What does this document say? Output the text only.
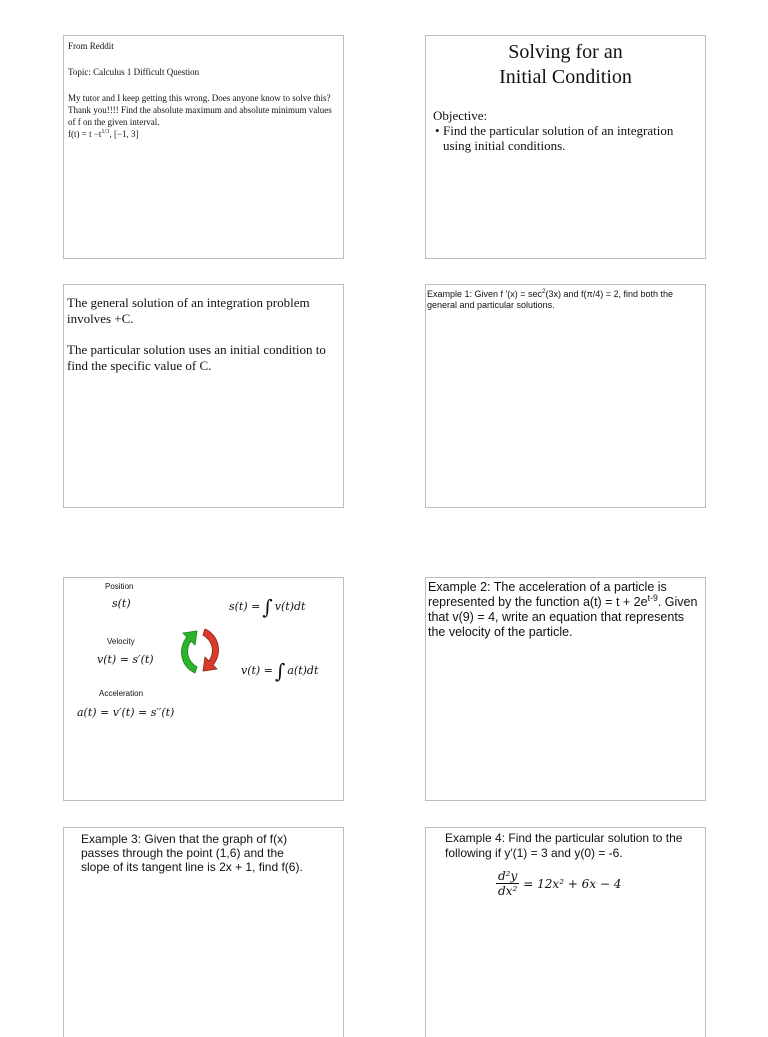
From Reddit

Topic: Calculus 1 Difficult Question

My tutor and I keep getting this wrong. Does anyone know to solve this? Thank you!!!! Find the absolute maximum and absolute minimum values of f on the given interval.

$f(t) = t -t^{1/3}$, [−1, 3]

Solving for an
Initial Condition
Objective:
• Find the particular solution of an integration using initial conditions.
The general solution of an integration problem involves +C.
The particular solution uses an initial condition to find the specific value of C.
Example 1: Given f $'(x) = \sec^2(3x)$ and f(π/4) = 2, find both the general and particular solutions.
Position
s(t)
Velocity
v(t) = s′(t)
Acceleration
a(t) = v′(t) = s′′(t)
s(t) = ∫ v(t)dt
v(t) = ∫ a(t)dt
Example 2: The acceleration of a particle is represented by the function $a(t) = t + 2e^{t-9}$. Given that v(9) = 4, write an equation that represents the velocity of the particle.
Example 3: Given that the graph of f(x) passes through the point (1,6) and the slope of its tangent line is 2x + 1, find f(6).
Example 4: Find the particular solution to the following if y′(1) = 3 and y(0) = -6.
$\frac{\text{d²y}}{\text{dx²}} = 12x^2 + 6x - 4$
